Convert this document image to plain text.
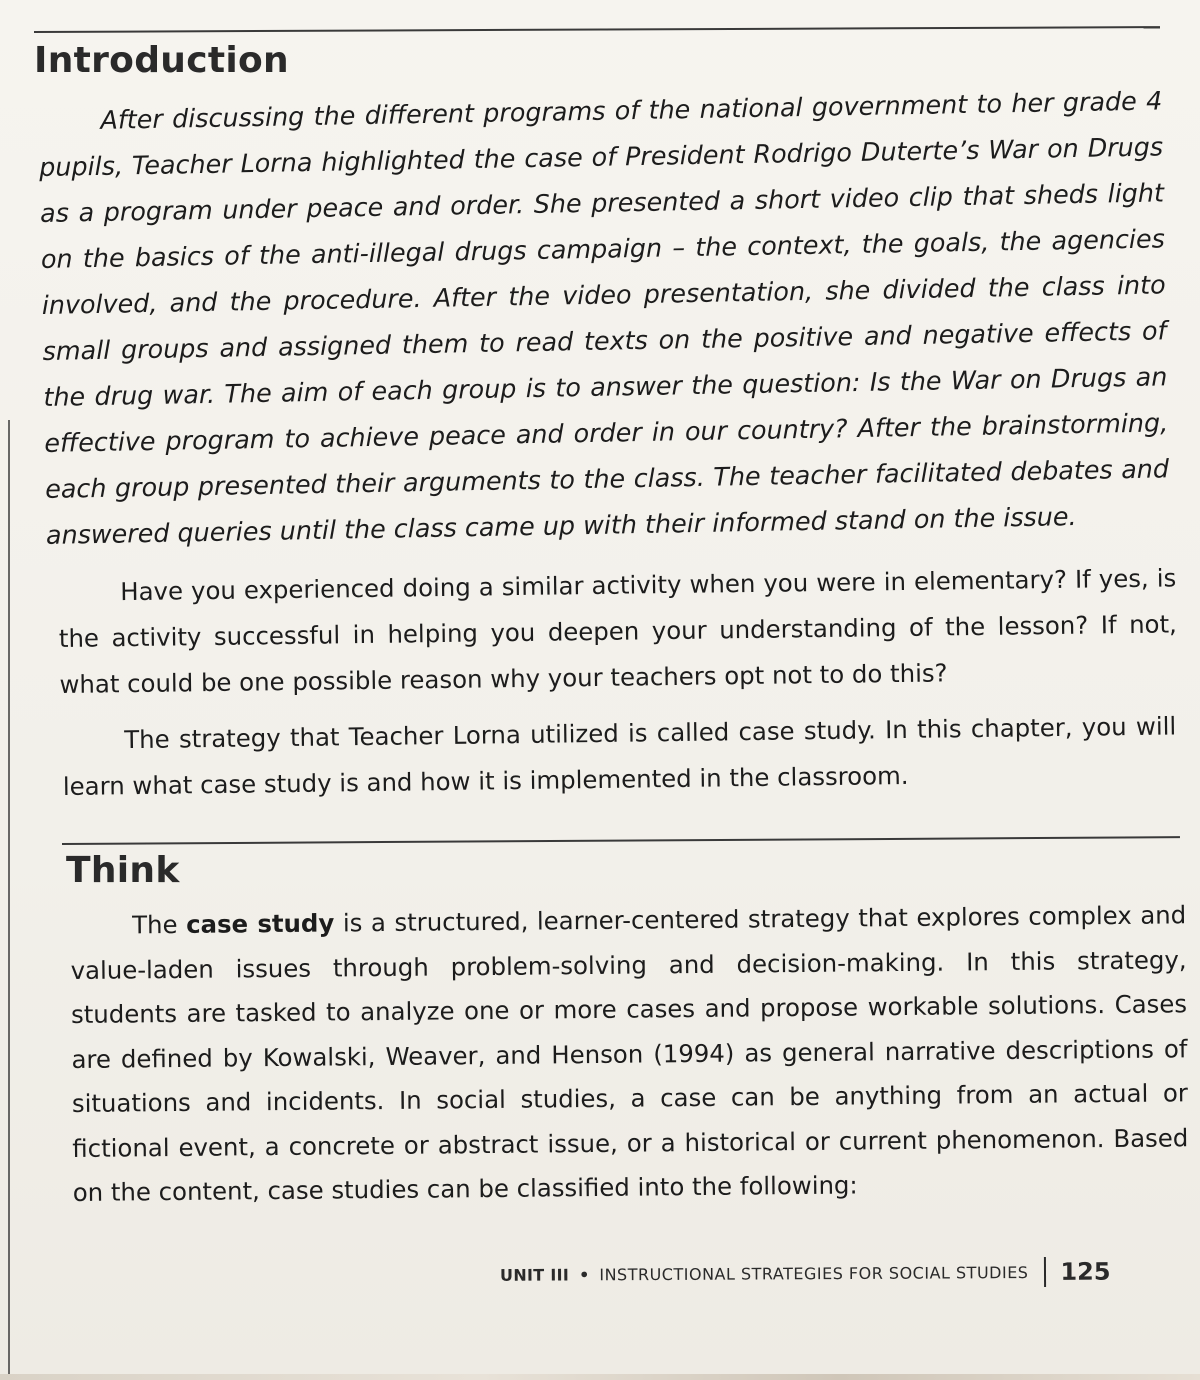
Introduction

After discussing the different programs of the national government to her grade 4 pupils, Teacher Lorna highlighted the case of President Rodrigo Duterte’s War on Drugs as a program under peace and order. She presented a short video clip that sheds light on the basics of the anti-illegal drugs campaign – the context, the goals, the agencies involved, and the procedure. After the video presentation, she divided the class into small groups and assigned them to read texts on the positive and negative effects of the drug war. The aim of each group is to answer the question: Is the War on Drugs an effective program to achieve peace and order in our country? After the brainstorming, each group presented their arguments to the class. The teacher facilitated debates and answered queries until the class came up with their informed stand on the issue.

Have you experienced doing a similar activity when you were in elementary? If yes, is the activity successful in helping you deepen your understanding of the lesson? If not, what could be one possible reason why your teachers opt not to do this?

The strategy that Teacher Lorna utilized is called case study. In this chapter, you will learn what case study is and how it is implemented in the classroom.

Think

The case study is a structured, learner-centered strategy that explores complex and value-laden issues through problem-solving and decision-making. In this strategy, students are tasked to analyze one or more cases and propose workable solutions. Cases are defined by Kowalski, Weaver, and Henson (1994) as general narrative descriptions of situations and incidents. In social studies, a case can be anything from an actual or fictional event, a concrete or abstract issue, or a historical or current phenomenon. Based on the content, case studies can be classified into the following:

UNIT III • INSTRUCTIONAL STRATEGIES FOR SOCIAL STUDIES 125
